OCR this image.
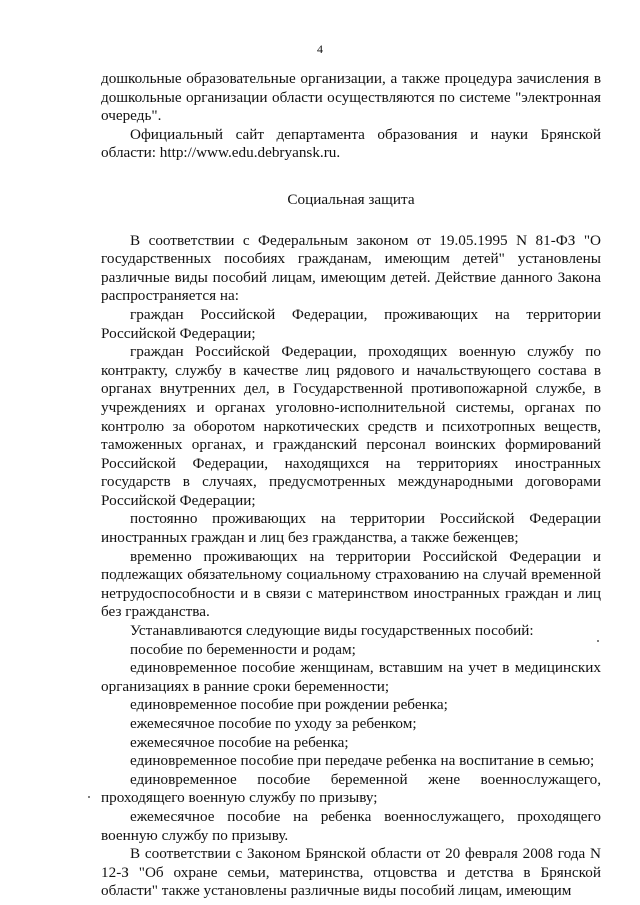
4

дошкольные образовательные организации, а также процедура зачисления в дошкольные организации области осуществляются по системе "электронная очередь".

Официальный сайт департамента образования и науки Брянской области: http://www.edu.debryansk.ru.

Социальная защита

В соответствии с Федеральным законом от 19.05.1995 N 81-ФЗ "О государственных пособиях гражданам, имеющим детей" установлены различные виды пособий лицам, имеющим детей. Действие данного Закона распространяется на:

граждан Российской Федерации, проживающих на территории Российской Федерации;

граждан Российской Федерации, проходящих военную службу по контракту, службу в качестве лиц рядового и начальствующего состава в органах внутренних дел, в Государственной противопожарной службе, в учреждениях и органах уголовно-исполнительной системы, органах по контролю за оборотом наркотических средств и психотропных веществ, таможенных органах, и гражданский персонал воинских формирований Российской Федерации, находящихся на территориях иностранных государств в случаях, предусмотренных международными договорами Российской Федерации;

постоянно проживающих на территории Российской Федерации иностранных граждан и лиц без гражданства, а также беженцев;

временно проживающих на территории Российской Федерации и подлежащих обязательному социальному страхованию на случай временной нетрудоспособности и в связи с материнством иностранных граждан и лиц без гражданства.

Устанавливаются следующие виды государственных пособий:

пособие по беременности и родам;

единовременное пособие женщинам, вставшим на учет в медицинских организациях в ранние сроки беременности;

единовременное пособие при рождении ребенка;

ежемесячное пособие по уходу за ребенком;

ежемесячное пособие на ребенка;

единовременное пособие при передаче ребенка на воспитание в семью;

единовременное пособие беременной жене военнослужащего, проходящего военную службу по призыву;

ежемесячное пособие на ребенка военнослужащего, проходящего военную службу по призыву.

В соответствии с Законом Брянской области от 20 февраля 2008 года N 12-З "Об охране семьи, материнства, отцовства и детства в Брянской области" также установлены различные виды пособий лицам, имеющим
